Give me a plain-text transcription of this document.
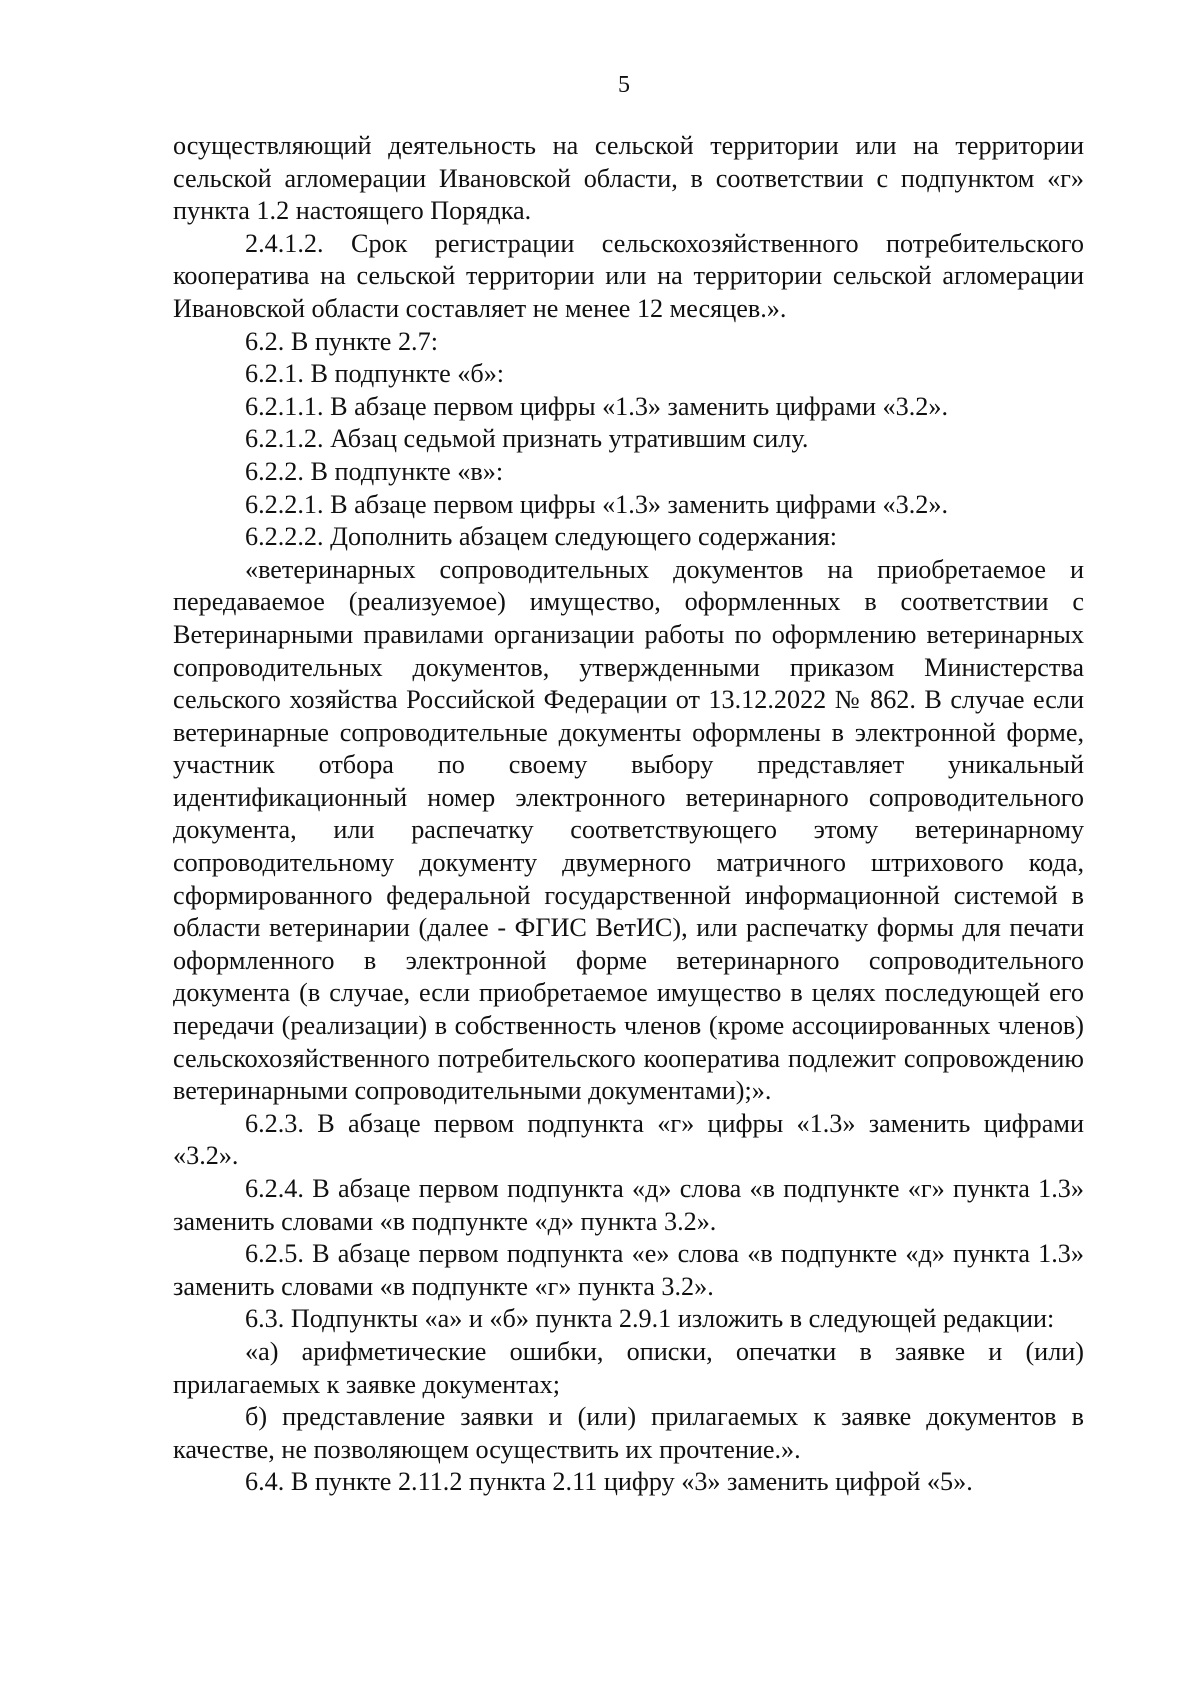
5

осуществляющий деятельность на сельской территории или на территории сельской агломерации Ивановской области, в соответствии с подпунктом «г» пункта 1.2 настоящего Порядка.

2.4.1.2. Срок регистрации сельскохозяйственного потребительского кооператива на сельской территории или на территории сельской агломерации Ивановской области составляет не менее 12 месяцев.».

6.2. В пункте 2.7:

6.2.1. В подпункте «б»:

6.2.1.1. В абзаце первом цифры «1.3» заменить цифрами «3.2».

6.2.1.2. Абзац седьмой признать утратившим силу.

6.2.2. В подпункте «в»:

6.2.2.1. В абзаце первом цифры «1.3» заменить цифрами «3.2».

6.2.2.2. Дополнить абзацем следующего содержания:

«ветеринарных сопроводительных документов на приобретаемое и передаваемое (реализуемое) имущество, оформленных в соответствии с Ветеринарными правилами организации работы по оформлению ветеринарных сопроводительных документов, утвержденными приказом Министерства сельского хозяйства Российской Федерации от 13.12.2022 № 862. В случае если ветеринарные сопроводительные документы оформлены в электронной форме, участник отбора по своему выбору представляет уникальный идентификационный номер электронного ветеринарного сопроводительного документа, или распечатку соответствующего этому ветеринарному сопроводительному документу двумерного матричного штрихового кода, сформированного федеральной государственной информационной системой в области ветеринарии (далее - ФГИС ВетИС), или распечатку формы для печати оформленного в электронной форме ветеринарного сопроводительного документа (в случае, если приобретаемое имущество в целях последующей его передачи (реализации) в собственность членов (кроме ассоциированных членов) сельскохозяйственного потребительского кооператива подлежит сопровождению ветеринарными сопроводительными документами);».

6.2.3. В абзаце первом подпункта «г» цифры «1.3» заменить цифрами «3.2».

6.2.4. В абзаце первом подпункта «д» слова «в подпункте «г» пункта 1.3» заменить словами «в подпункте «д» пункта 3.2».

6.2.5. В абзаце первом подпункта «е» слова «в подпункте «д» пункта 1.3» заменить словами «в подпункте «г» пункта 3.2».

6.3. Подпункты «а» и «б» пункта 2.9.1 изложить в следующей редакции:

«а) арифметические ошибки, описки, опечатки в заявке и (или) прилагаемых к заявке документах;

б) представление заявки и (или) прилагаемых к заявке документов в качестве, не позволяющем осуществить их прочтение.».

6.4. В пункте 2.11.2 пункта 2.11 цифру «3» заменить цифрой «5».
